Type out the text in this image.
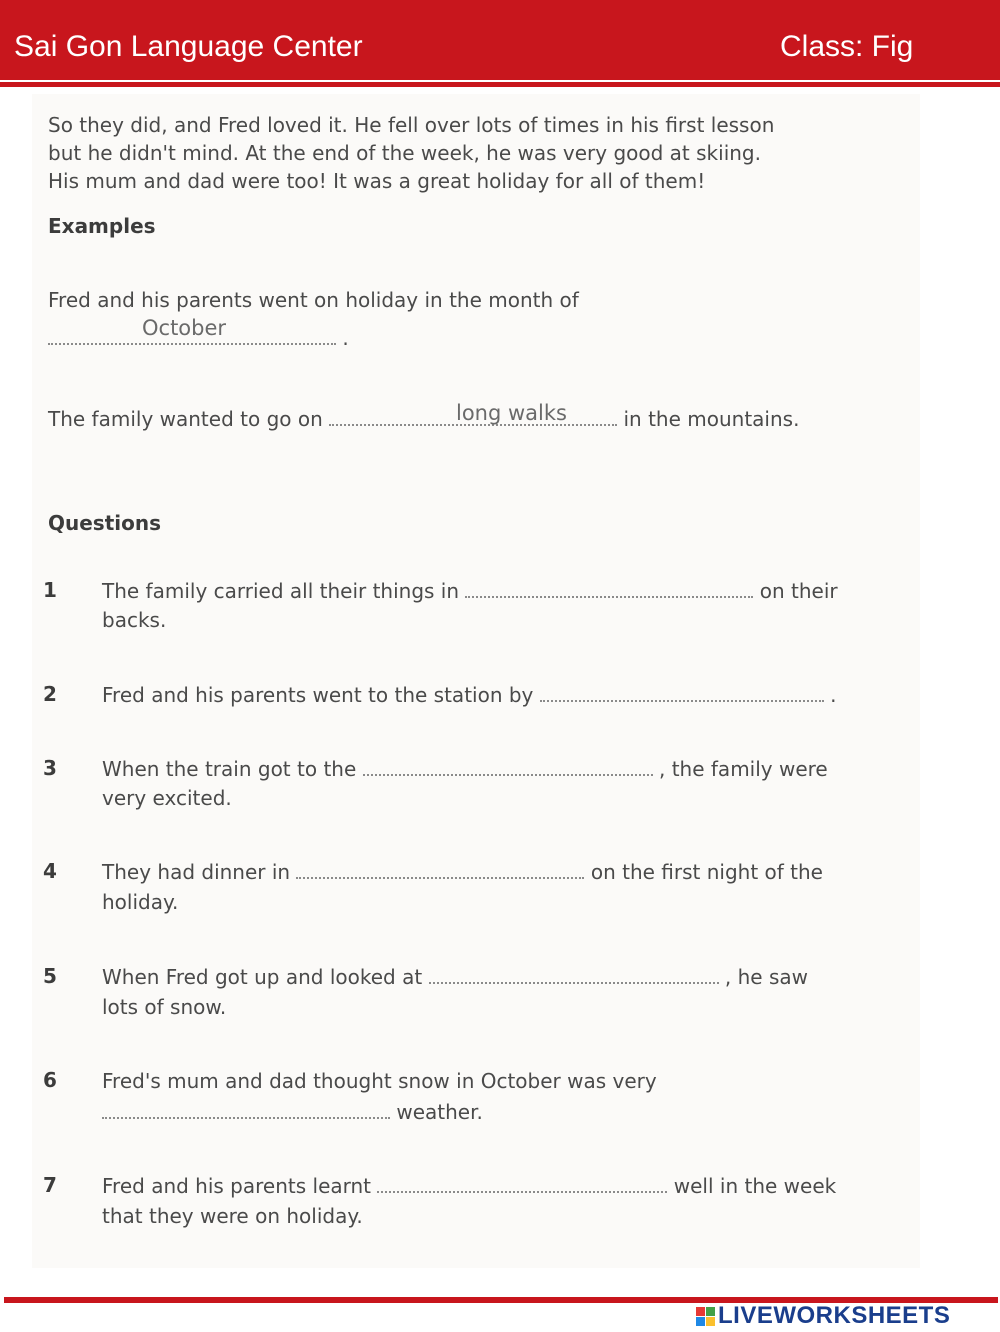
Sai Gon Language Center	Class: Fig
So they did, and Fred loved it. He fell over lots of times in his first lesson
but he didn't mind. At the end of the week, he was very good at skiing.
His mum and dad were too! It was a great holiday for all of them!
Examples
Fred and his parents went on holiday in the month of
.
October
The family wanted to go on	in the mountains.
long walks
Questions
1 The family carried all their things in	on their
backs.
2 Fred and his parents went to the station by	.
3 When the train got to the	, the family were
very excited.
4 They had dinner in	on the first night of the
holiday.
5 When Fred got up and looked at	, he saw
lots of snow.
6 Fred's mum and dad thought snow in October was very
weather.
7 Fred and his parents learnt	well in the week
that they were on holiday.
LIVEWORKSHEETS
